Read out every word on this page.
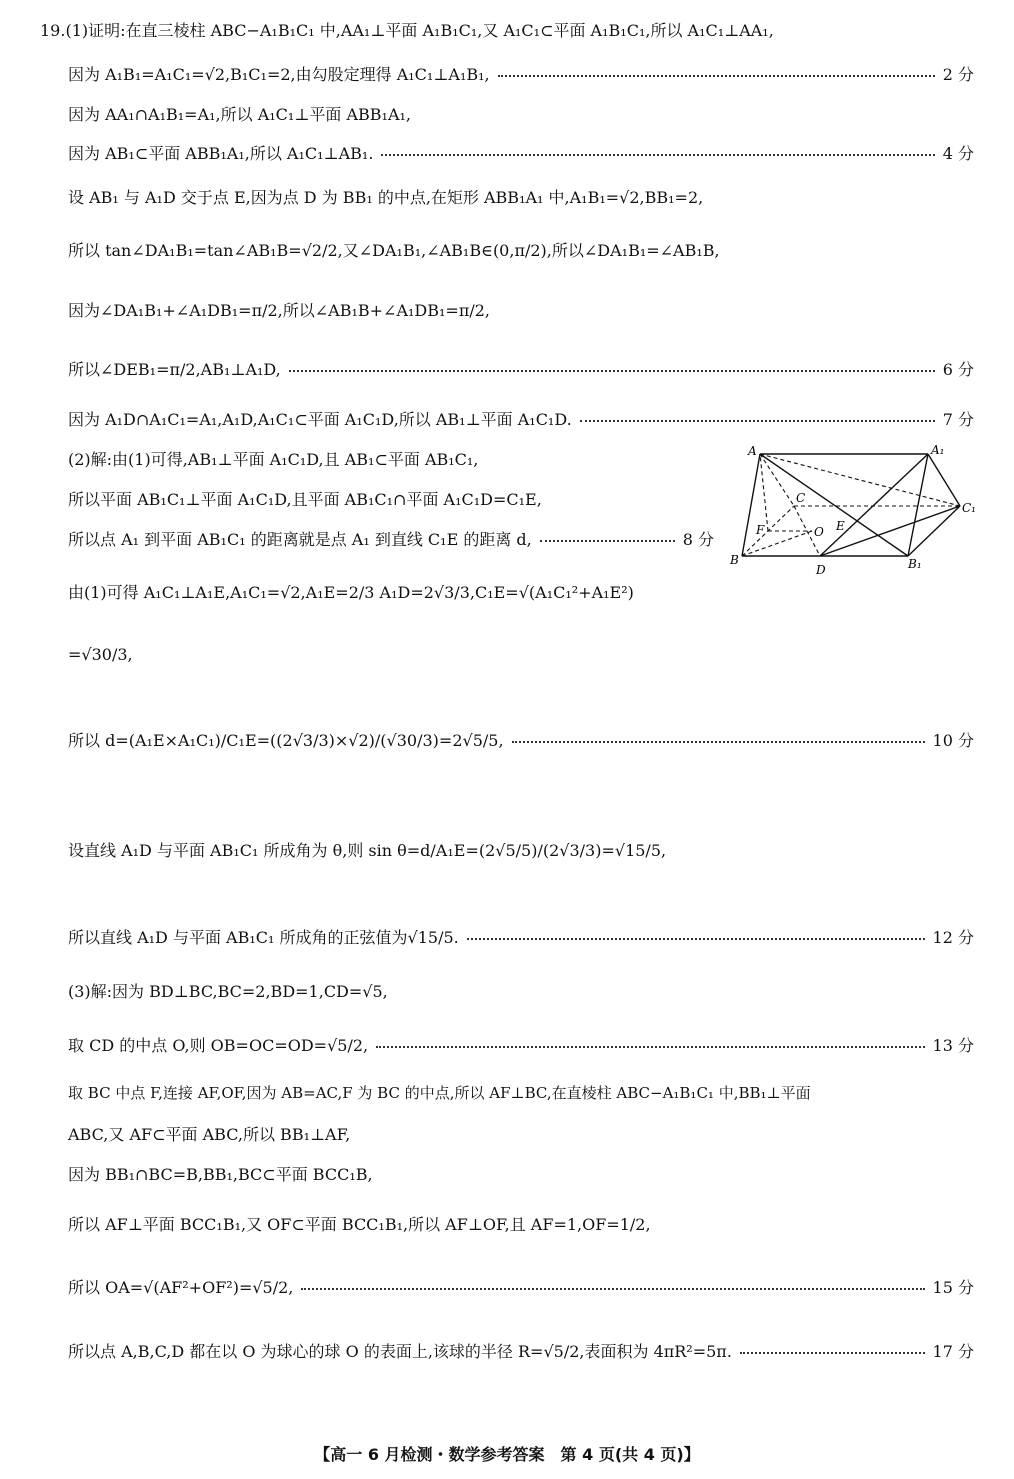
19.(1)证明:在直三棱柱 ABC−A₁B₁C₁ 中,AA₁⊥平面 A₁B₁C₁,又 A₁C₁⊂平面 A₁B₁C₁,所以 A₁C₁⊥AA₁,
因为 A₁B₁=A₁C₁=√2,B₁C₁=2,由勾股定理得 A₁C₁⊥A₁B₁,	2 分
因为 AA₁∩A₁B₁=A₁,所以 A₁C₁⊥平面 ABB₁A₁,
因为 AB₁⊂平面 ABB₁A₁,所以 A₁C₁⊥AB₁.	4 分
设 AB₁ 与 A₁D 交于点 E,因为点 D 为 BB₁ 的中点,在矩形 ABB₁A₁ 中,A₁B₁=√2,BB₁=2,
所以 tan∠DA₁B₁=tan∠AB₁B=√2/2,又∠DA₁B₁,∠AB₁B∈(0,π/2),所以∠DA₁B₁=∠AB₁B,
因为∠DA₁B₁+∠A₁DB₁=π/2,所以∠AB₁B+∠A₁DB₁=π/2,
所以∠DEB₁=π/2,AB₁⊥A₁D,	6 分
因为 A₁D∩A₁C₁=A₁,A₁D,A₁C₁⊂平面 A₁C₁D,所以 AB₁⊥平面 A₁C₁D.	7 分
(2)解:由(1)可得,AB₁⊥平面 A₁C₁D,且 AB₁⊂平面 AB₁C₁,
所以平面 AB₁C₁⊥平面 A₁C₁D,且平面 AB₁C₁∩平面 A₁C₁D=C₁E,
所以点 A₁ 到平面 AB₁C₁ 的距离就是点 A₁ 到直线 C₁E 的距离 d,	8 分
由(1)可得 A₁C₁⊥A₁E,A₁C₁=√2,A₁E=2/3 A₁D=2√3/3,C₁E=√(A₁C₁²+A₁E²)
=√30/3,
所以 d=(A₁E×A₁C₁)/C₁E=((2√3/3)×√2)/(√30/3)=2√5/5,	10 分
设直线 A₁D 与平面 AB₁C₁ 所成角为 θ,则 sin θ=d/A₁E=(2√5/5)/(2√3/3)=√15/5,
所以直线 A₁D 与平面 AB₁C₁ 所成角的正弦值为√15/5.	12 分
(3)解:因为 BD⊥BC,BC=2,BD=1,CD=√5,
取 CD 的中点 O,则 OB=OC=OD=√5/2,	13 分
取 BC 中点 F,连接 AF,OF,因为 AB=AC,F 为 BC 的中点,所以 AF⊥BC,在直棱柱 ABC−A₁B₁C₁ 中,BB₁⊥平面
ABC,又 AF⊂平面 ABC,所以 BB₁⊥AF,
因为 BB₁∩BC=B,BB₁,BC⊂平面 BCC₁B,
所以 AF⊥平面 BCC₁B₁,又 OF⊂平面 BCC₁B₁,所以 AF⊥OF,且 AF=1,OF=1/2,
所以 OA=√(AF²+OF²)=√5/2,	15 分
所以点 A,B,C,D 都在以 O 为球心的球 O 的表面上,该球的半径 R=√5/2,表面积为 4πR²=5π.	17 分
A	A₁
C
C₁
F	O E
B
D	B₁
【高一 6 月检测・数学参考答案　第 4 页(共 4 页)】
